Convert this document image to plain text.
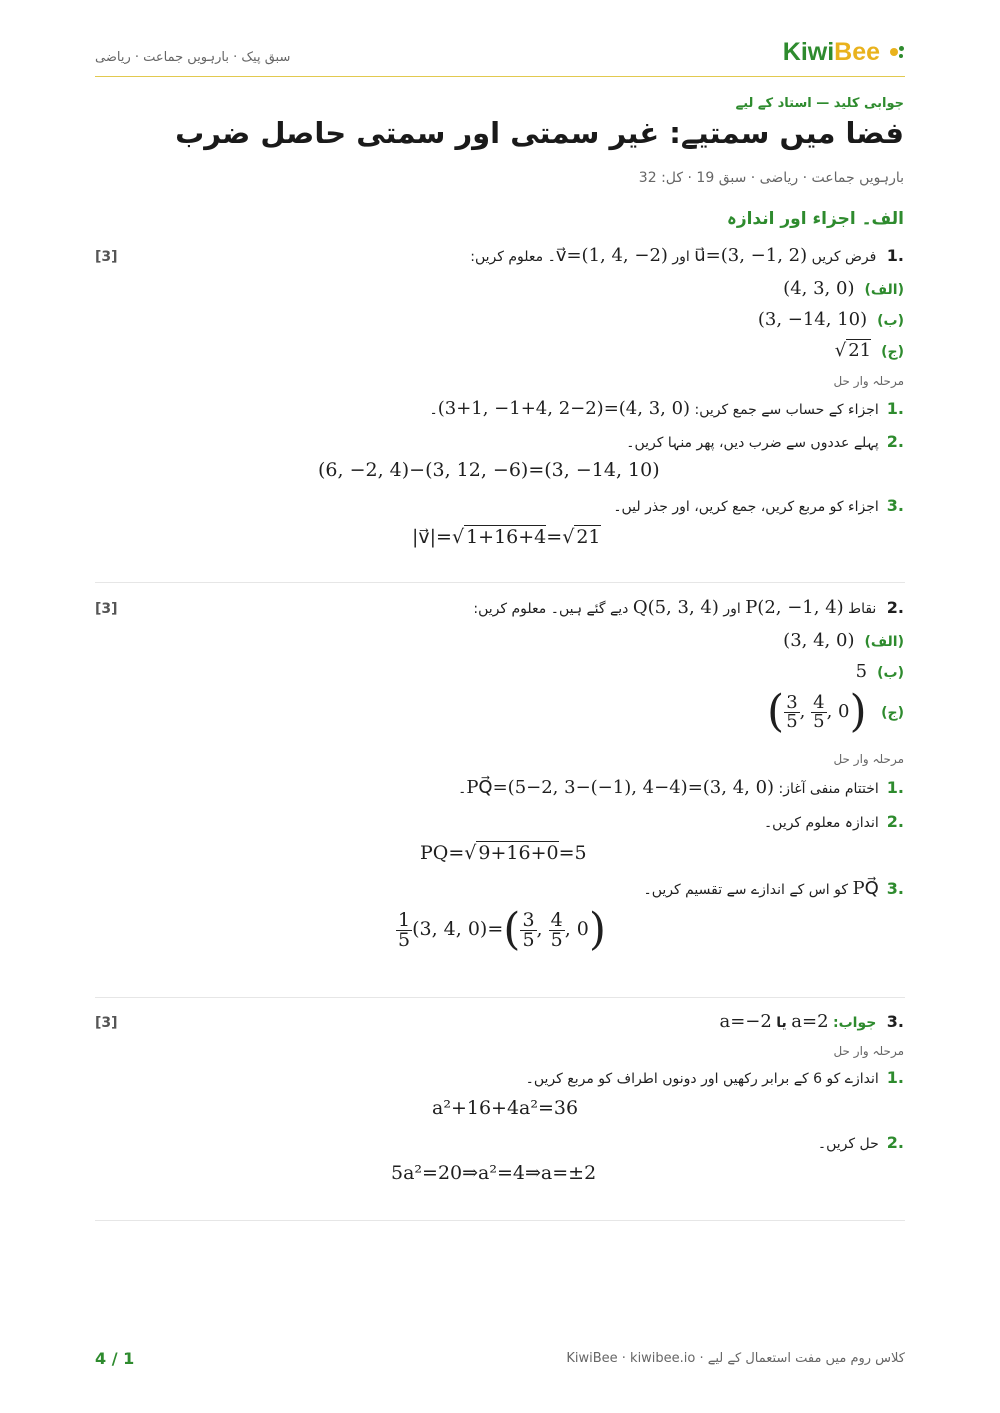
سبق پیک · بارہویں جماعت · ریاضی	KiwiBee
جوابی کلید — استاد کے لیے
فضا میں سمتیے: غیر سمتی اور سمتی حاصل ضرب
بارہویں جماعت · ریاضی · سبق 19 · کل: 32
الف۔ اجزاء اور اندازہ
[3]	.1 فرض کریں u⃗=(3, −1, 2) اور v⃗=(1, 4, −2)۔ معلوم کریں:
(الف)(4, 3, 0)
(ب)(3, −14, 10)
(ج)√ 21
مرحلہ وار حل
.1اجزاء کے حساب سے جمع کریں: (3+1, −1+4, 2−2)=(4, 3, 0)۔
.2پہلے عددوں سے ضرب دیں، پھر منہا کریں۔
(6, −2, 4)−(3, 12, −6)=(3, −14, 10)
.3اجزاء کو مربع کریں، جمع کریں، اور جذر لیں۔
|v⃗|=√ 1+16+4=√ 21
[3]	.2 نقاط P(2, −1, 4) اور Q(5, 3, 4) دیے گئے ہیں۔ معلوم کریں:
(الف)(3, 4, 0)
(ب)5
(ج) ( $\frac{3}{5}$ , $\frac{4}{5}$ , 0)
مرحلہ وار حل
.1اختتام منفی آغاز: PQ⃗=(5−2, 3−(−1), 4−4)=(3, 4, 0)۔
.2اندازہ معلوم کریں۔
PQ=√ 9+16+0=5
.3PQ⃗ کو اس کے اندازے سے تقسیم کریں۔
$\frac{1}{5} (3$, 4, $0)=( \frac{3}{5}$ , $\frac{4}{5}$ , 0)
[3]	.3 جواب: a=2 یا a=−2
مرحلہ وار حل
.1اندازے کو 6 کے برابر رکھیں اور دونوں اطراف کو مربع کریں۔
a²+16+4a²=36
.2حل کریں۔
5a²=20⇒a²=4⇒a=±2
4 / 1	کلاس روم میں مفت استعمال کے لیے · KiwiBee · kiwibee.io
